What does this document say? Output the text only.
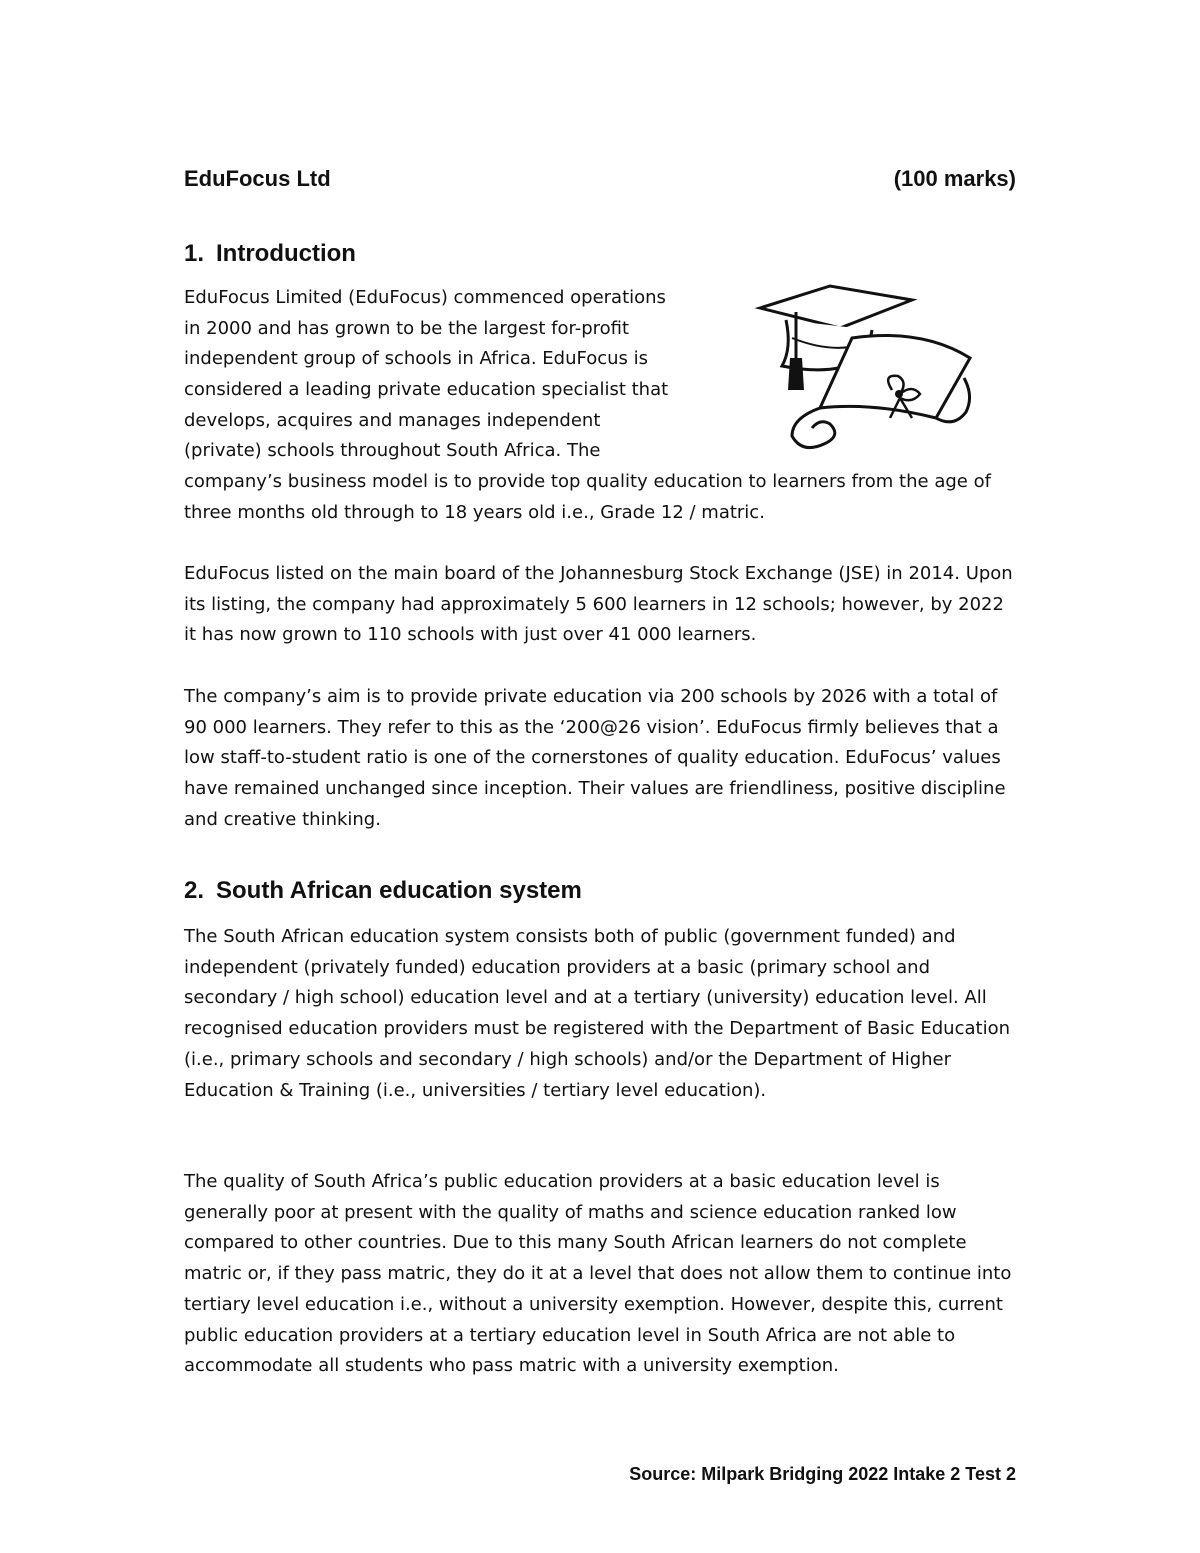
EduFocus Ltd	(100 marks)
1. Introduction

EduFocus Limited (EduFocus) commenced operations

in 2000 and has grown to be the largest for-profit

independent group of schools in Africa. EduFocus is

considered a leading private education specialist that

develops, acquires and manages independent

(private) schools throughout South Africa. The

company’s business model is to provide top quality education to learners from the age of three months old through to 18 years old i.e., Grade 12 / matric.

EduFocus listed on the main board of the Johannesburg Stock Exchange (JSE) in 2014. Upon its listing, the company had approximately 5 600 learners in 12 schools; however, by 2022 it has now grown to 110 schools with just over 41 000 learners.

The company’s aim is to provide private education via 200 schools by 2026 with a total of 90 000 learners. They refer to this as the ‘200@26 vision’. EduFocus firmly believes that a low staff-to-student ratio is one of the cornerstones of quality education. EduFocus’ values have remained unchanged since inception. Their values are friendliness, positive discipline and creative thinking.

2. South African education system

The South African education system consists both of public (government funded) and independent (privately funded) education providers at a basic (primary school and secondary / high school) education level and at a tertiary (university) education level. All recognised education providers must be registered with the Department of Basic Education (i.e., primary schools and secondary / high schools) and/or the Department of Higher Education & Training (i.e., universities / tertiary level education).

The quality of South Africa’s public education providers at a basic education level is generally poor at present with the quality of maths and science education ranked low compared to other countries. Due to this many South African learners do not complete matric or, if they pass matric, they do it at a level that does not allow them to continue into tertiary level education i.e., without a university exemption. However, despite this, current public education providers at a tertiary education level in South Africa are not able to accommodate all students who pass matric with a university exemption.

Source: Milpark Bridging 2022 Intake 2 Test 2
